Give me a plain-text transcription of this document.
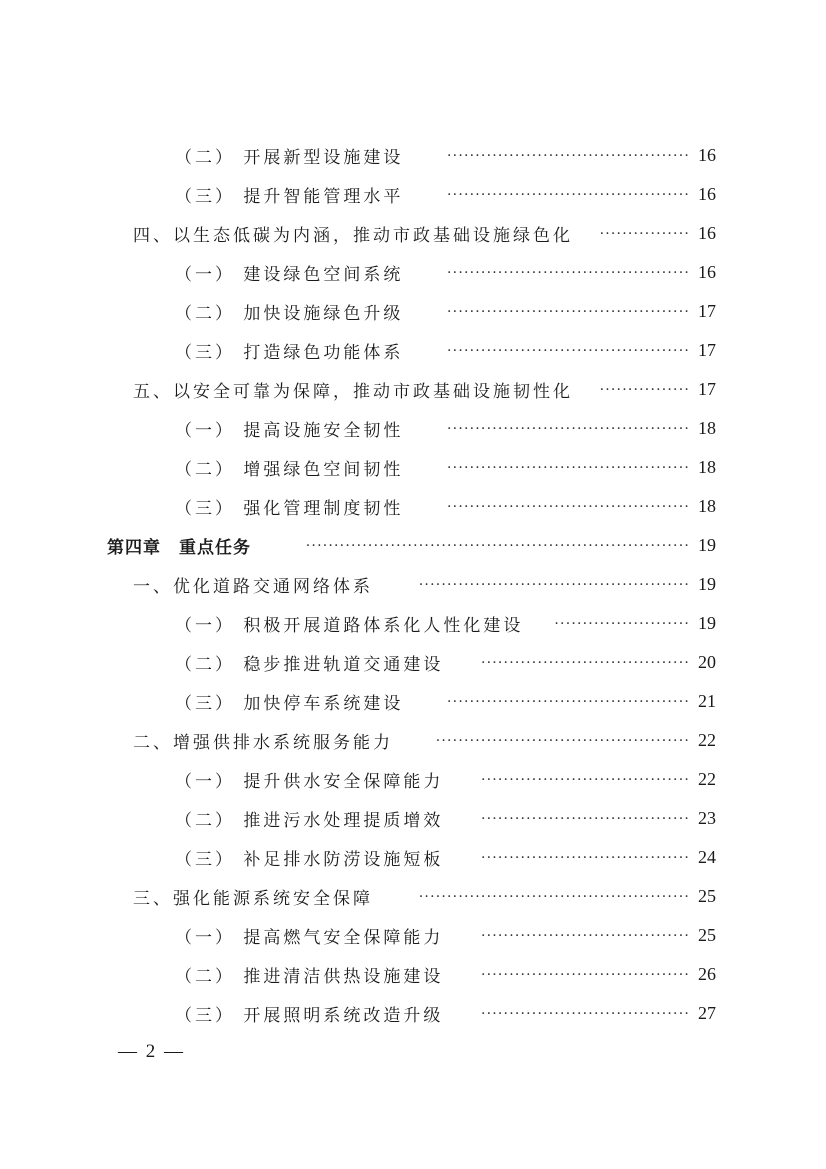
（二） 开展新型设施建设	··········································· 16
（三） 提升智能管理水平	··········································· 16
四、以生态低碳为内涵，推动市政基础设施绿色化	················ 16
（一） 建设绿色空间系统	··········································· 16
（二） 加快设施绿色升级	··········································· 17
（三） 打造绿色功能体系	··········································· 17
五、以安全可靠为保障，推动市政基础设施韧性化	················ 17
（一） 提高设施安全韧性	··········································· 18
（二） 增强绿色空间韧性	··········································· 18
（三） 强化管理制度韧性	··········································· 18
第四章　重点任务	···································································· 19
一、优化道路交通网络体系	················································ 19
（一） 积极开展道路体系化人性化建设	························ 19
（二） 稳步推进轨道交通建设	····································· 20
（三） 加快停车系统建设	··········································· 21
二、增强供排水系统服务能力	············································· 22
（一） 提升供水安全保障能力	····································· 22
（二） 推进污水处理提质增效	····································· 23
（三） 补足排水防涝设施短板	····································· 24
三、强化能源系统安全保障	················································ 25
（一） 提高燃气安全保障能力	····································· 25
（二） 推进清洁供热设施建设	····································· 26
（三） 开展照明系统改造升级	····································· 27
— 2 —
